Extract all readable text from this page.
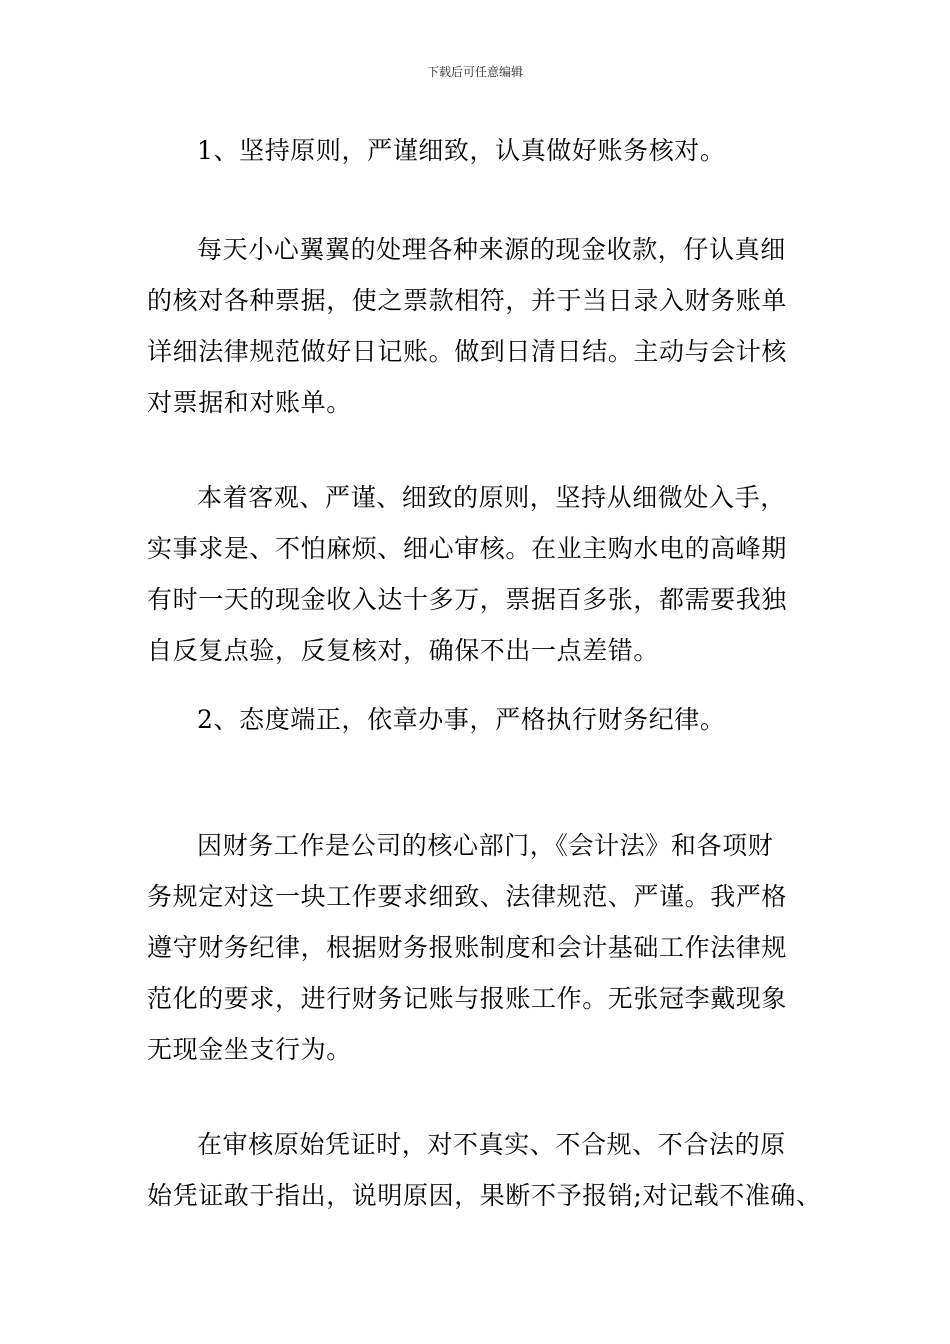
下载后可任意编辑
1、坚持原则，严谨细致，认真做好账务核对。
每天小心翼翼的处理各种来源的现金收款，仔认真细
的核对各种票据，使之票款相符，并于当日录入财务账单
详细法律规范做好日记账。做到日清日结。主动与会计核
对票据和对账单。
本着客观、严谨、细致的原则，坚持从细微处入手，
实事求是、不怕麻烦、细心审核。在业主购水电的高峰期
有时一天的现金收入达十多万，票据百多张，都需要我独
自反复点验，反复核对，确保不出一点差错。
2、态度端正，依章办事，严格执行财务纪律。
因财务工作是公司的核心部门，《会计法》和各项财
务规定对这一块工作要求细致、法律规范、严谨。我严格
遵守财务纪律，根据财务报账制度和会计基础工作法律规
范化的要求，进行财务记账与报账工作。无张冠李戴现象
无现金坐支行为。
在审核原始凭证时，对不真实、不合规、不合法的原
始凭证敢于指出，说明原因，果断不予报销;对记载不准确、
